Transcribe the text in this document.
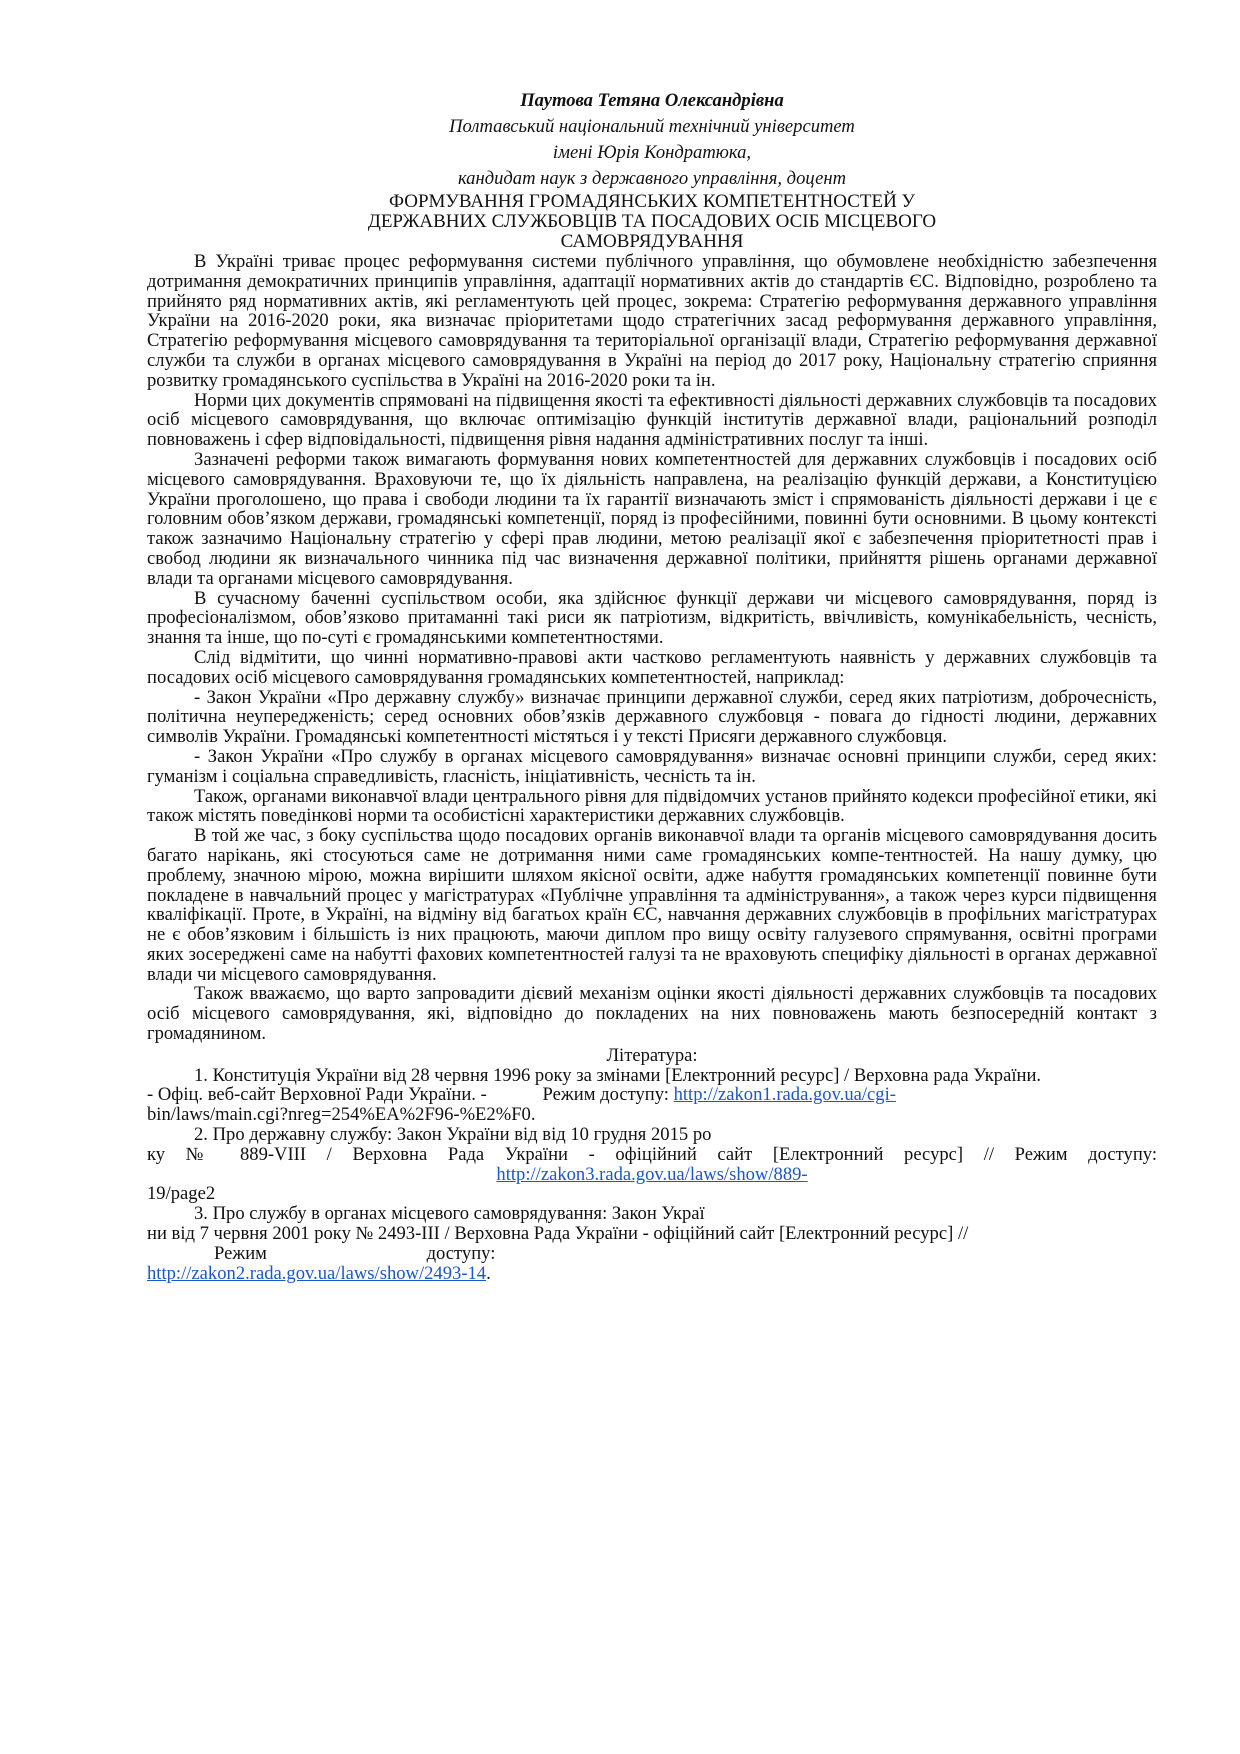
Паутова Тетяна Олександрівна
Полтавський національний технічний університет
імені Юрія Кондратюка,
кандидат наук з державного управління, доцент
ФОРМУВАННЯ ГРОМАДЯНСЬКИХ КОМПЕТЕНТНОСТЕЙ У
ДЕРЖАВНИХ СЛУЖБОВЦІВ ТА ПОСАДОВИХ ОСІБ МІСЦЕВОГО
САМОВРЯДУВАННЯ

В Україні триває процес реформування системи публічного управління, що обумовлене необхідністю забезпечення дотримання демократичних принципів управління, адаптації нормативних актів до стандартів ЄС. Відповідно, розроблено та прийнято ряд нормативних актів, які регламентують цей процес, зокрема: Стратегію реформування державного управління України на 2016-2020 роки, яка визначає пріоритетами щодо стратегічних засад реформування державного управління, Стратегію реформування місцевого самоврядування та територіальної організації влади, Стратегію реформування державної служби та служби в органах місцевого самоврядування в Україні на період до 2017 року, Національну стратегію сприяння розвитку громадянського суспільства в Україні на 2016-2020 роки та ін.

Норми цих документів спрямовані на підвищення якості та ефективності діяльності державних службовців та посадових осіб місцевого самоврядування, що включає оптимізацію функцій інститутів державної влади, раціональний розподіл повноважень і сфер відповідальності, підвищення рівня надання адміністративних послуг та інші.

Зазначені реформи також вимагають формування нових компетентностей для державних службовців і посадових осіб місцевого самоврядування. Враховуючи те, що їх діяльність направлена, на реалізацію функцій держави, а Конституцією України проголошено, що права і свободи людини та їх гарантії визначають зміст і спрямованість діяльності держави і це є головним обов’язком держави, громадянські компетенції, поряд із професійними, повинні бути основними. В цьому контексті також зазначимо Національну стратегію у сфері прав людини, метою реалізації якої є забезпечення пріоритетності прав і свобод людини як визначального чинника під час визначення державної політики, прийняття рішень органами державної влади та органами місцевого самоврядування.

В сучасному баченні суспільством особи, яка здійснює функції держави чи місцевого самоврядування, поряд із професіоналізмом, обов’язково притаманні такі риси як патріотизм, відкритість, ввічливість, комунікабельність, чесність, знання та інше, що по-суті є громадянськими компетентностями.

Слід відмітити, що чинні нормативно-правові акти частково регламентують наявність у державних службовців та посадових осіб місцевого самоврядування громадянських компетентностей, наприклад:

- Закон України «Про державну службу» визначає принципи державної служби, серед яких патріотизм, доброчесність, політична неупередженість; серед основних обов’язків державного службовця - повага до гідності людини, державних символів України. Громадянські компетентності містяться і у тексті Присяги державного службовця.

- Закон України «Про службу в органах місцевого самоврядування» визначає основні принципи служби, серед яких: гуманізм і соціальна справедливість, гласність, ініціативність, чесність та ін.

Також, органами виконавчої влади центрального рівня для підвідомчих установ прийнято кодекси професійної етики, які також містять поведінкові норми та особистісні характеристики державних службовців.

В той же час, з боку суспільства щодо посадових органів виконавчої влади та органів місцевого самоврядування досить багато нарікань, які стосуються саме не дотримання ними саме громадянських компе-тентностей. На нашу думку, цю проблему, значною мірою, можна вирішити шляхом якісної освіти, адже набуття громадянських компетенції повинне бути покладене в навчальний процес у магістратурах «Публічне управління та адміністрування», а також через курси підвищення кваліфікації. Проте, в Україні, на відміну від багатьох країн ЄС, навчання державних службовців в профільних магістратурах не є обов’язковим і більшість із них працюють, маючи диплом про вищу освіту галузевого спрямування, освітні програми яких зосереджені саме на набутті фахових компетентностей галузі та не враховують специфіку діяльності в органах державної влади чи місцевого самоврядування.

Також вважаємо, що варто запровадити дієвий механізм оцінки якості діяльності державних службовців та посадових осіб місцевого самоврядування, які, відповідно до покладених на них повноважень мають безпосередній контакт з громадянином.

Література:
1. Конституція України від 28 червня 1996 року за змінами [Електронний ресурс] / Верховна рада України.
- Офіц. веб-сайт Верховної Ради України. -            Режим доступу: http://zakon1.rada.gov.ua/cgi-
bin/laws/main.cgi?nreg=254%EA%2F96-%E2%F0.
2. Про державну службу: Закон України від від 10 грудня 2015 ро
ку № 889-VIII / Верховна Рада України - офіційний сайт [Електронний ресурс] // Режим доступу:
http://zakon3.rada.gov.ua/laws/show/889-
19/page2
3. Про службу в органах місцевого самоврядування: Закон Украї
ни від 7 червня 2001 року № 2493-ІІІ / Верховна Рада України - офіційний сайт [Електронний ресурс] //
Режим	доступу:
http://zakon2.rada.gov.ua/laws/show/2493-14.
